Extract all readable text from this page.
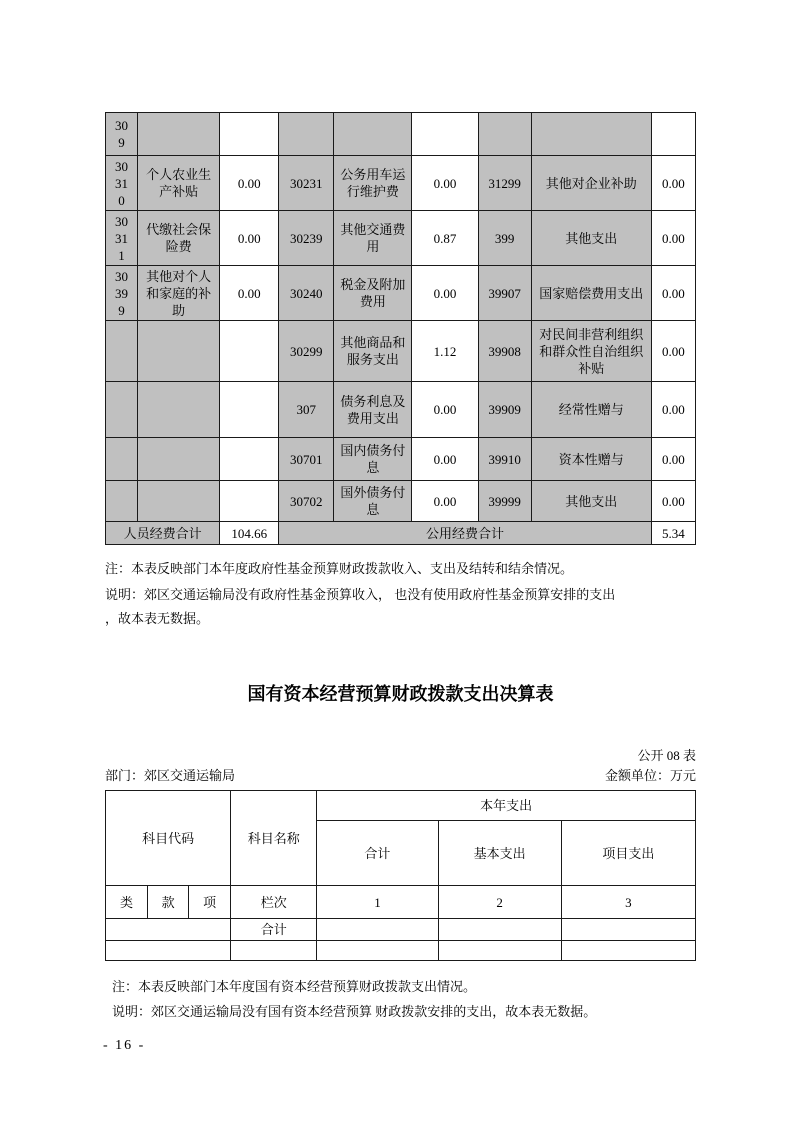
309								
30310	个人农业生产补贴	0.00	30231	公务用车运行维护费	0.00	31299	其他对企业补助	0.00
30311	代缴社会保险费	0.00	30239	其他交通费用	0.87	399	其他支出	0.00
30399	其他对个人和家庭的补助	0.00	30240	税金及附加费用	0.00	39907	国家赔偿费用支出	0.00
			30299	其他商品和服务支出	1.12	39908	对民间非营利组织和群众性自治组织补贴	0.00
			307	债务利息及费用支出	0.00	39909	经常性赠与	0.00
			30701	国内债务付息	0.00	39910	资本性赠与	0.00
			30702	国外债务付息	0.00	39999	其他支出	0.00
人员经费合计		104.66	公用经费合计					5.34
注：本表反映部门本年度政府性基金预算财政拨款收入、支出及结转和结余情况。
说明：郊区交通运输局没有政府性基金预算收入， 也没有使用政府性基金预算安排的支出
，故本表无数据。
国有资本经营预算财政拨款支出决算表
公开 08 表
部门：郊区交通运输局	金额单位：万元
科目代码			科目名称	本年支出		
				合计	基本支出	项目支出
类	款	项	栏次	1	2	3
			合计			

注：本表反映部门本年度国有资本经营预算财政拨款支出情况。
说明：郊区交通运输局没有国有资本经营预算 财政拨款安排的支出，故本表无数据。
- 16 -
